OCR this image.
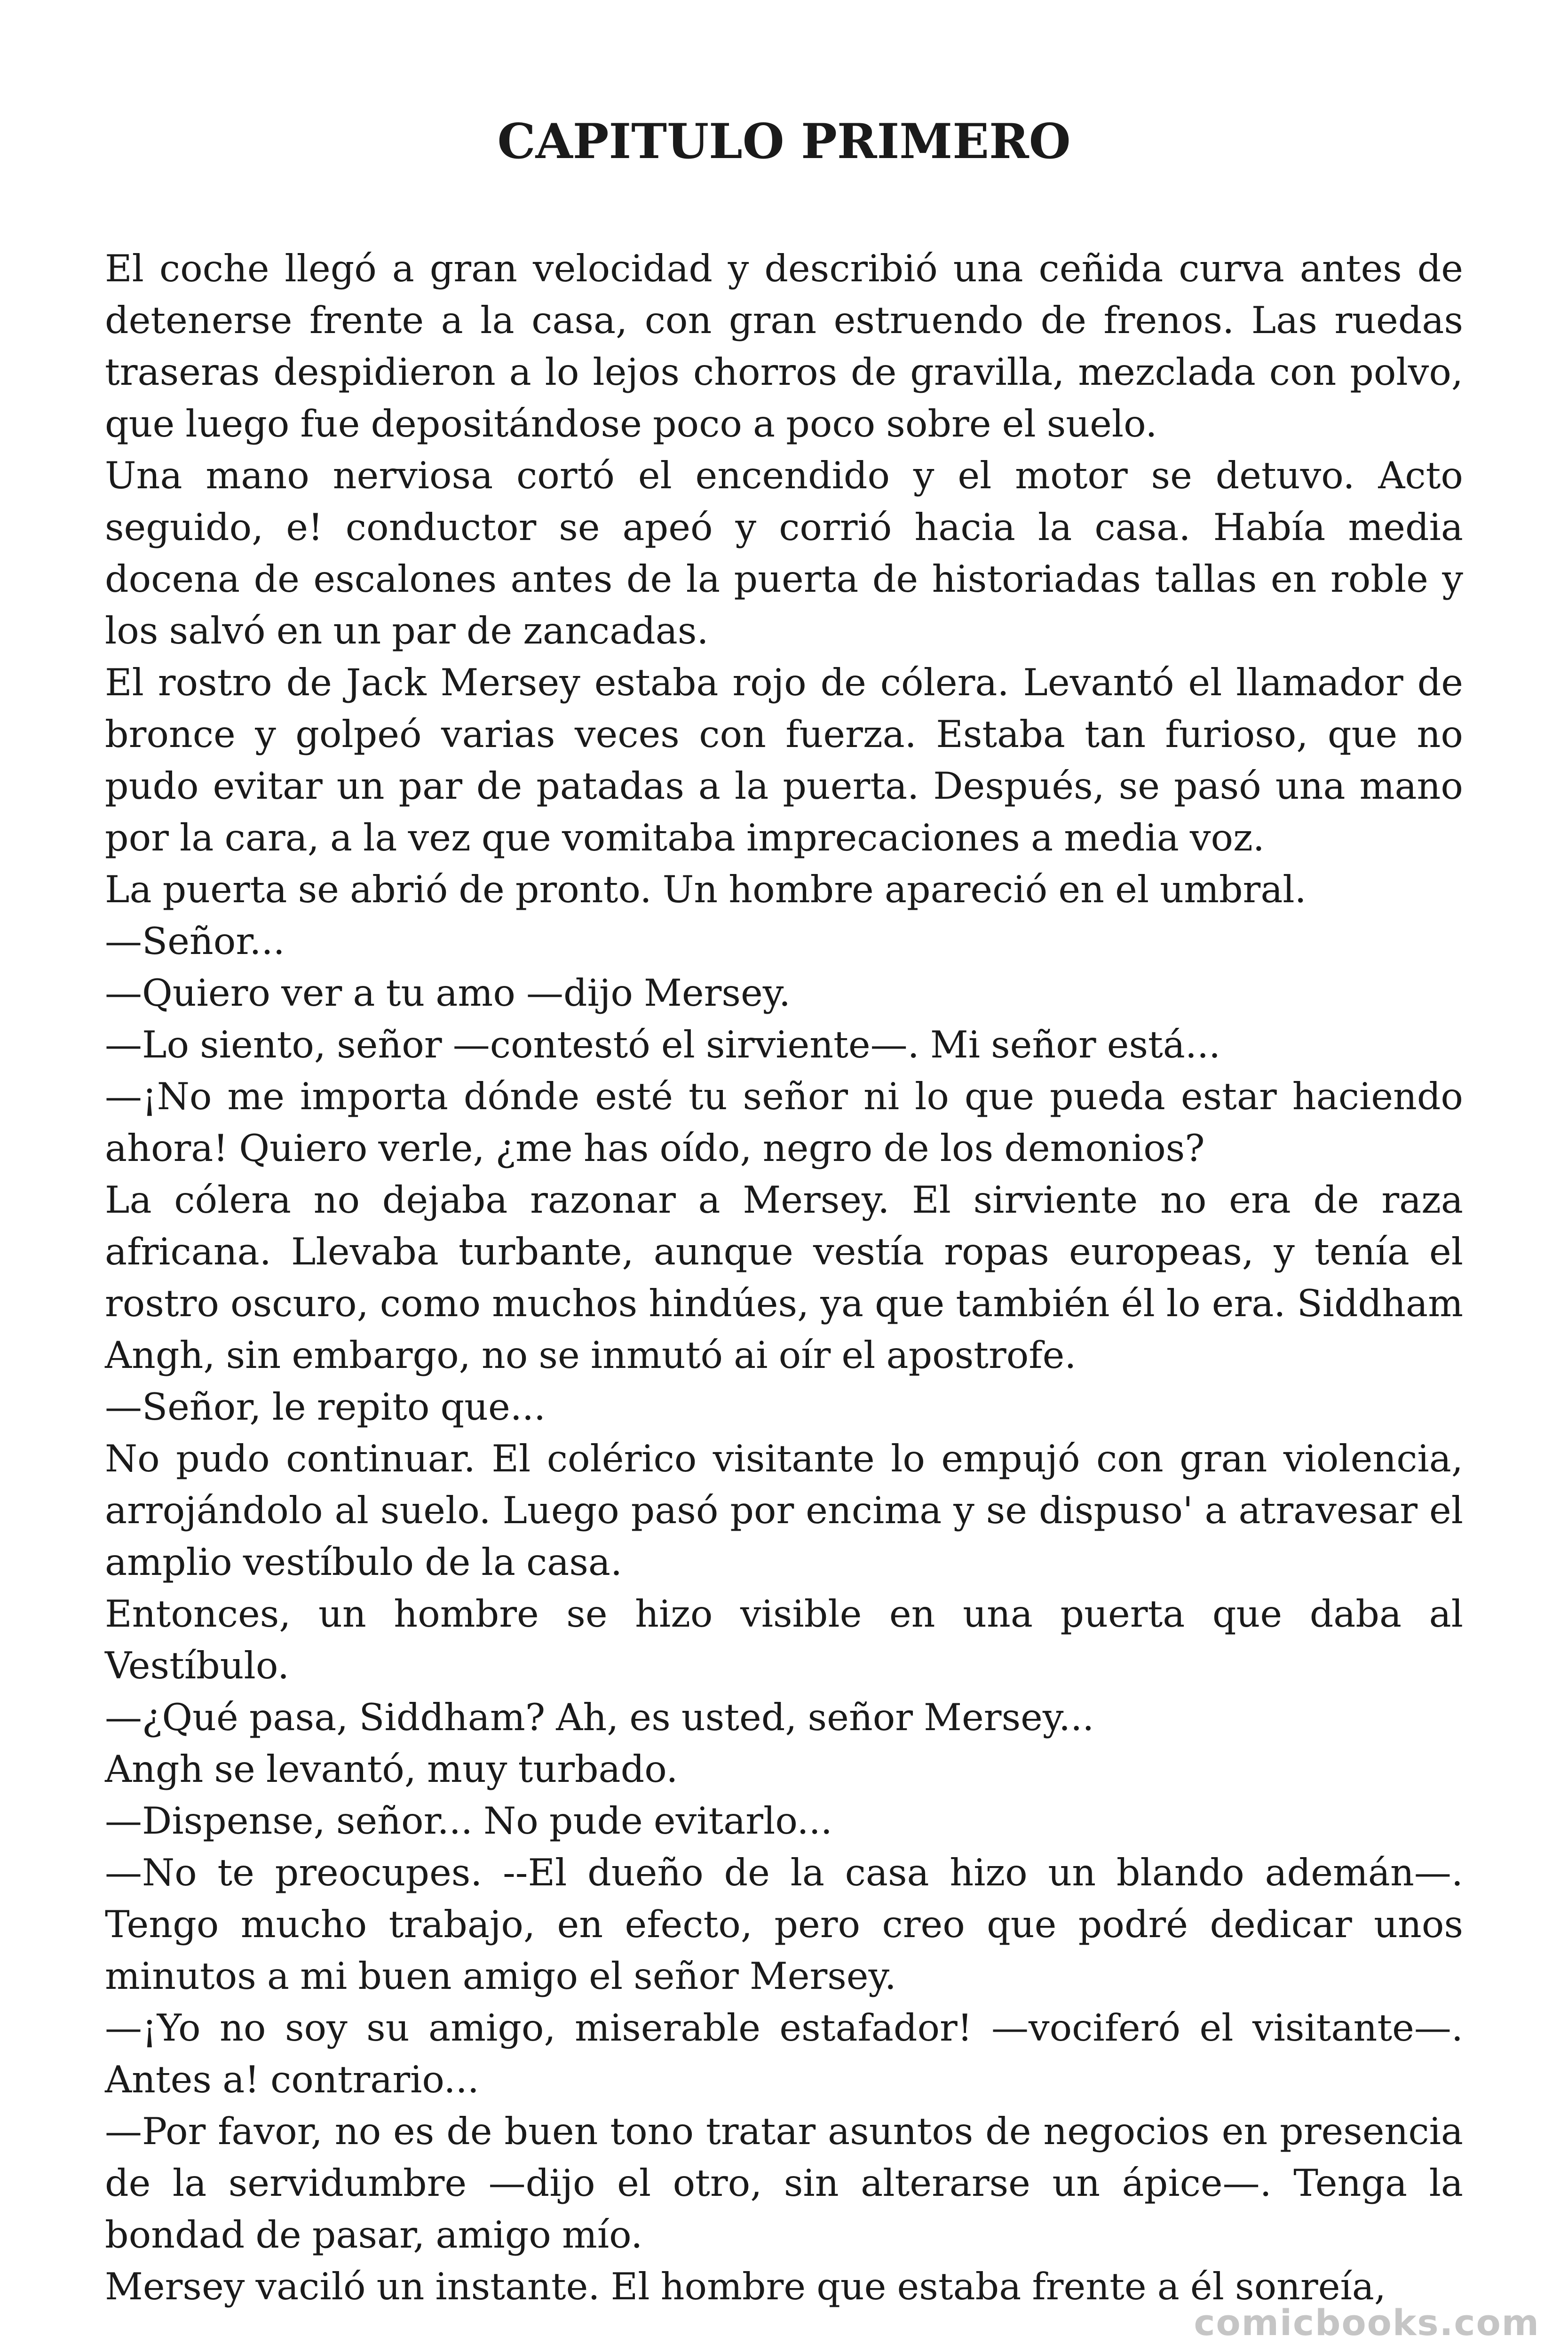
CAPITULO PRIMERO

El coche llegó a gran velocidad y describió una ceñida curva antes de detenerse frente a la casa, con gran estruendo de frenos. Las ruedas traseras despidieron a lo lejos chorros de gravilla, mezclada con polvo, que luego fue depositándose poco a poco sobre el suelo.

Una mano nerviosa cortó el encendido y el motor se detuvo. Acto seguido, e! conductor se apeó y corrió hacia la casa. Había media docena de escalones antes de la puerta de historiadas tallas en roble y los salvó en un par de zancadas.

El rostro de Jack Mersey estaba rojo de cólera. Levantó el llamador de bronce y golpeó varias veces con fuerza. Estaba tan furioso, que no pudo evitar un par de patadas a la puerta. Después, se pasó una mano por la cara, a la vez que vomitaba imprecaciones a media voz.

La puerta se abrió de pronto. Un hombre apareció en el umbral.

—Señor...

—Quiero ver a tu amo —dijo Mersey.

—Lo siento, señor —contestó el sirviente—. Mi señor está...

—¡No me importa dónde esté tu señor ni lo que pueda estar haciendo ahora! Quiero verle, ¿me has oído, negro de los demonios?

La cólera no dejaba razonar a Mersey. El sirviente no era de raza africana. Llevaba turbante, aunque vestía ropas europeas, y tenía el rostro oscuro, como muchos hindúes, ya que también él lo era. Siddham Angh, sin embargo, no se inmutó ai oír el apostrofe.

—Señor, le repito que...

No pudo continuar. El colérico visitante lo empujó con gran violencia, arrojándolo al suelo. Luego pasó por encima y se dispuso' a atravesar el amplio vestíbulo de la casa.

Entonces, un hombre se hizo visible en una puerta que daba al Vestíbulo.

—¿Qué pasa, Siddham? Ah, es usted, señor Mersey...

Angh se levantó, muy turbado.

—Dispense, señor... No pude evitarlo...

—No te preocupes. --El dueño de la casa hizo un blando ademán—. Tengo mucho trabajo, en efecto, pero creo que podré dedicar unos minutos a mi buen amigo el señor Mersey.

—¡Yo no soy su amigo, miserable estafador! —vociferó el visitante—. Antes a! contrario...

—Por favor, no es de buen tono tratar asuntos de negocios en presencia de la servidumbre —dijo el otro, sin alterarse un ápice—. Tenga la bondad de pasar, amigo mío.

Mersey vaciló un instante. El hombre que estaba frente a él sonreía,

comicbooks.com
